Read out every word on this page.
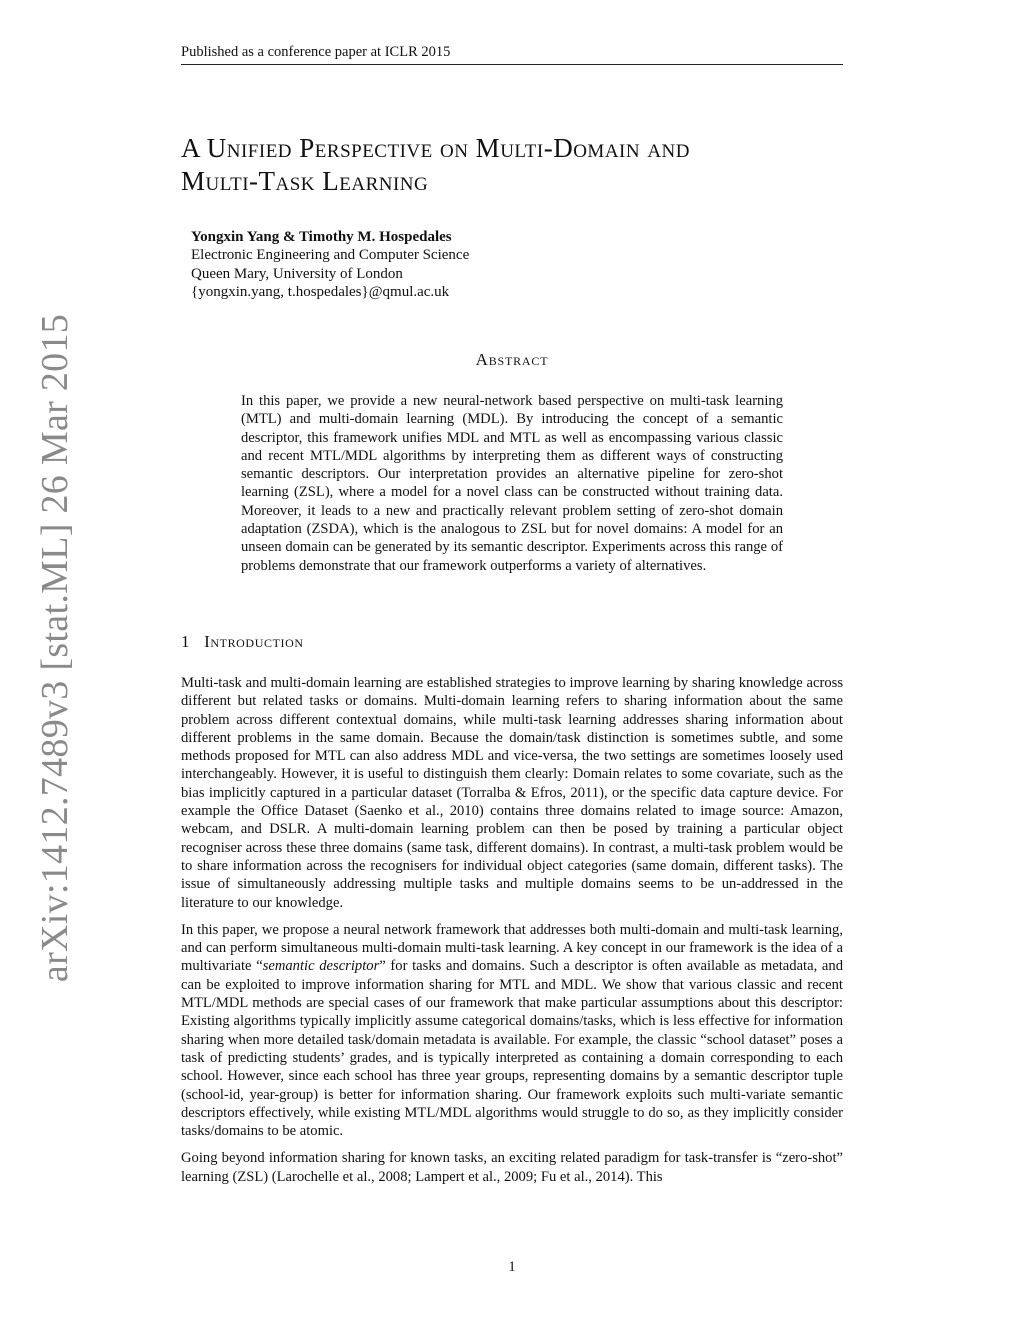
Published as a conference paper at ICLR 2015
arXiv:1412.7489v3 [stat.ML] 26 Mar 2015
A Unified Perspective on Multi-Domain and
Multi-Task Learning
Yongxin Yang & Timothy M. Hospedales
Electronic Engineering and Computer Science
Queen Mary, University of London
{yongxin.yang, t.hospedales}@qmul.ac.uk
Abstract
In this paper, we provide a new neural-network based perspective on multi-task learning (MTL) and multi-domain learning (MDL). By introducing the concept of a semantic descriptor, this framework unifies MDL and MTL as well as encompassing various classic and recent MTL/MDL algorithms by interpreting them as different ways of constructing semantic descriptors. Our interpretation provides an alternative pipeline for zero-shot learning (ZSL), where a model for a novel class can be constructed without training data. Moreover, it leads to a new and practically relevant problem setting of zero-shot domain adaptation (ZSDA), which is the analogous to ZSL but for novel domains: A model for an unseen domain can be generated by its semantic descriptor. Experiments across this range of problems demonstrate that our framework outperforms a variety of alternatives.
1 Introduction

Multi-task and multi-domain learning are established strategies to improve learning by sharing knowledge across different but related tasks or domains. Multi-domain learning refers to sharing information about the same problem across different contextual domains, while multi-task learning addresses sharing information about different problems in the same domain. Because the domain/task distinction is sometimes subtle, and some methods proposed for MTL can also address MDL and vice-versa, the two settings are sometimes loosely used interchangeably. However, it is useful to distinguish them clearly: Domain relates to some covariate, such as the bias implicitly captured in a particular dataset (Torralba & Efros, 2011), or the specific data capture device. For example the Office Dataset (Saenko et al., 2010) contains three domains related to image source: Amazon, webcam, and DSLR. A multi-domain learning problem can then be posed by training a particular object recogniser across these three domains (same task, different domains). In contrast, a multi-task problem would be to share information across the recognisers for individual object categories (same domain, different tasks). The issue of simultaneously addressing multiple tasks and multiple domains seems to be un-addressed in the literature to our knowledge.

In this paper, we propose a neural network framework that addresses both multi-domain and multi-task learning, and can perform simultaneous multi-domain multi-task learning. A key concept in our framework is the idea of a multivariate “semantic descriptor” for tasks and domains. Such a descriptor is often available as metadata, and can be exploited to improve information sharing for MTL and MDL. We show that various classic and recent MTL/MDL methods are special cases of our framework that make particular assumptions about this descriptor: Existing algorithms typically implicitly assume categorical domains/tasks, which is less effective for information sharing when more detailed task/domain metadata is available. For example, the classic “school dataset” poses a task of predicting students’ grades, and is typically interpreted as containing a domain corresponding to each school. However, since each school has three year groups, representing domains by a semantic descriptor tuple (school-id, year-group) is better for information sharing. Our framework exploits such multi-variate semantic descriptors effectively, while existing MTL/MDL algorithms would struggle to do so, as they implicitly consider tasks/domains to be atomic.

Going beyond information sharing for known tasks, an exciting related paradigm for task-transfer is “zero-shot” learning (ZSL) (Larochelle et al., 2008; Lampert et al., 2009; Fu et al., 2014). This

1
